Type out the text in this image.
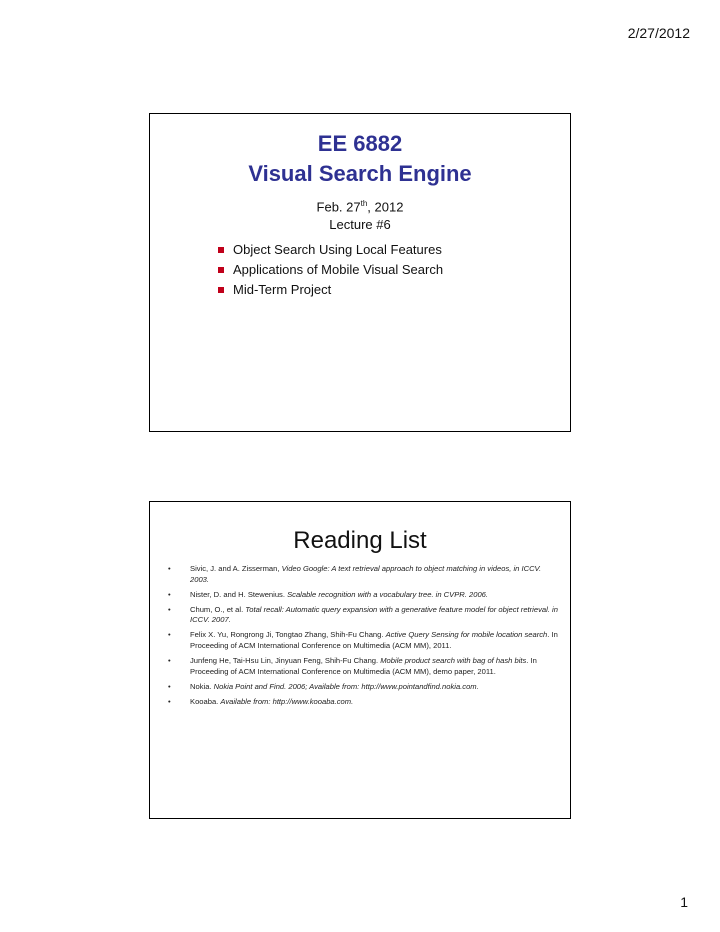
2/27/2012
EE 6882
Visual Search Engine
Feb. 27th, 2012
Lecture #6
Object Search Using Local Features
Applications of Mobile Visual Search
Mid-Term Project
Reading List
•	Sivic, J. and A. Zisserman, Video Google: A text retrieval approach to object matching in videos, in ICCV. 2003.
•	Nister, D. and H. Stewenius. Scalable recognition with a vocabulary tree. in CVPR. 2006.
•	Chum, O., et al. Total recall: Automatic query expansion with a generative feature model for object retrieval. in ICCV. 2007.
•	Felix X. Yu, Rongrong Ji, Tongtao Zhang, Shih-Fu Chang. Active Query Sensing for mobile location search. In Proceeding of ACM International Conference on Multimedia (ACM MM), 2011.
•	Junfeng He, Tai-Hsu Lin, Jinyuan Feng, Shih-Fu Chang. Mobile product search with bag of hash bits. In Proceeding of ACM International Conference on Multimedia (ACM MM), demo paper, 2011.
•	Nokia. Nokia Point and Find. 2006; Available from: http://www.pointandfind.nokia.com.
•	Kooaba. Available from: http://www.kooaba.com.
1
